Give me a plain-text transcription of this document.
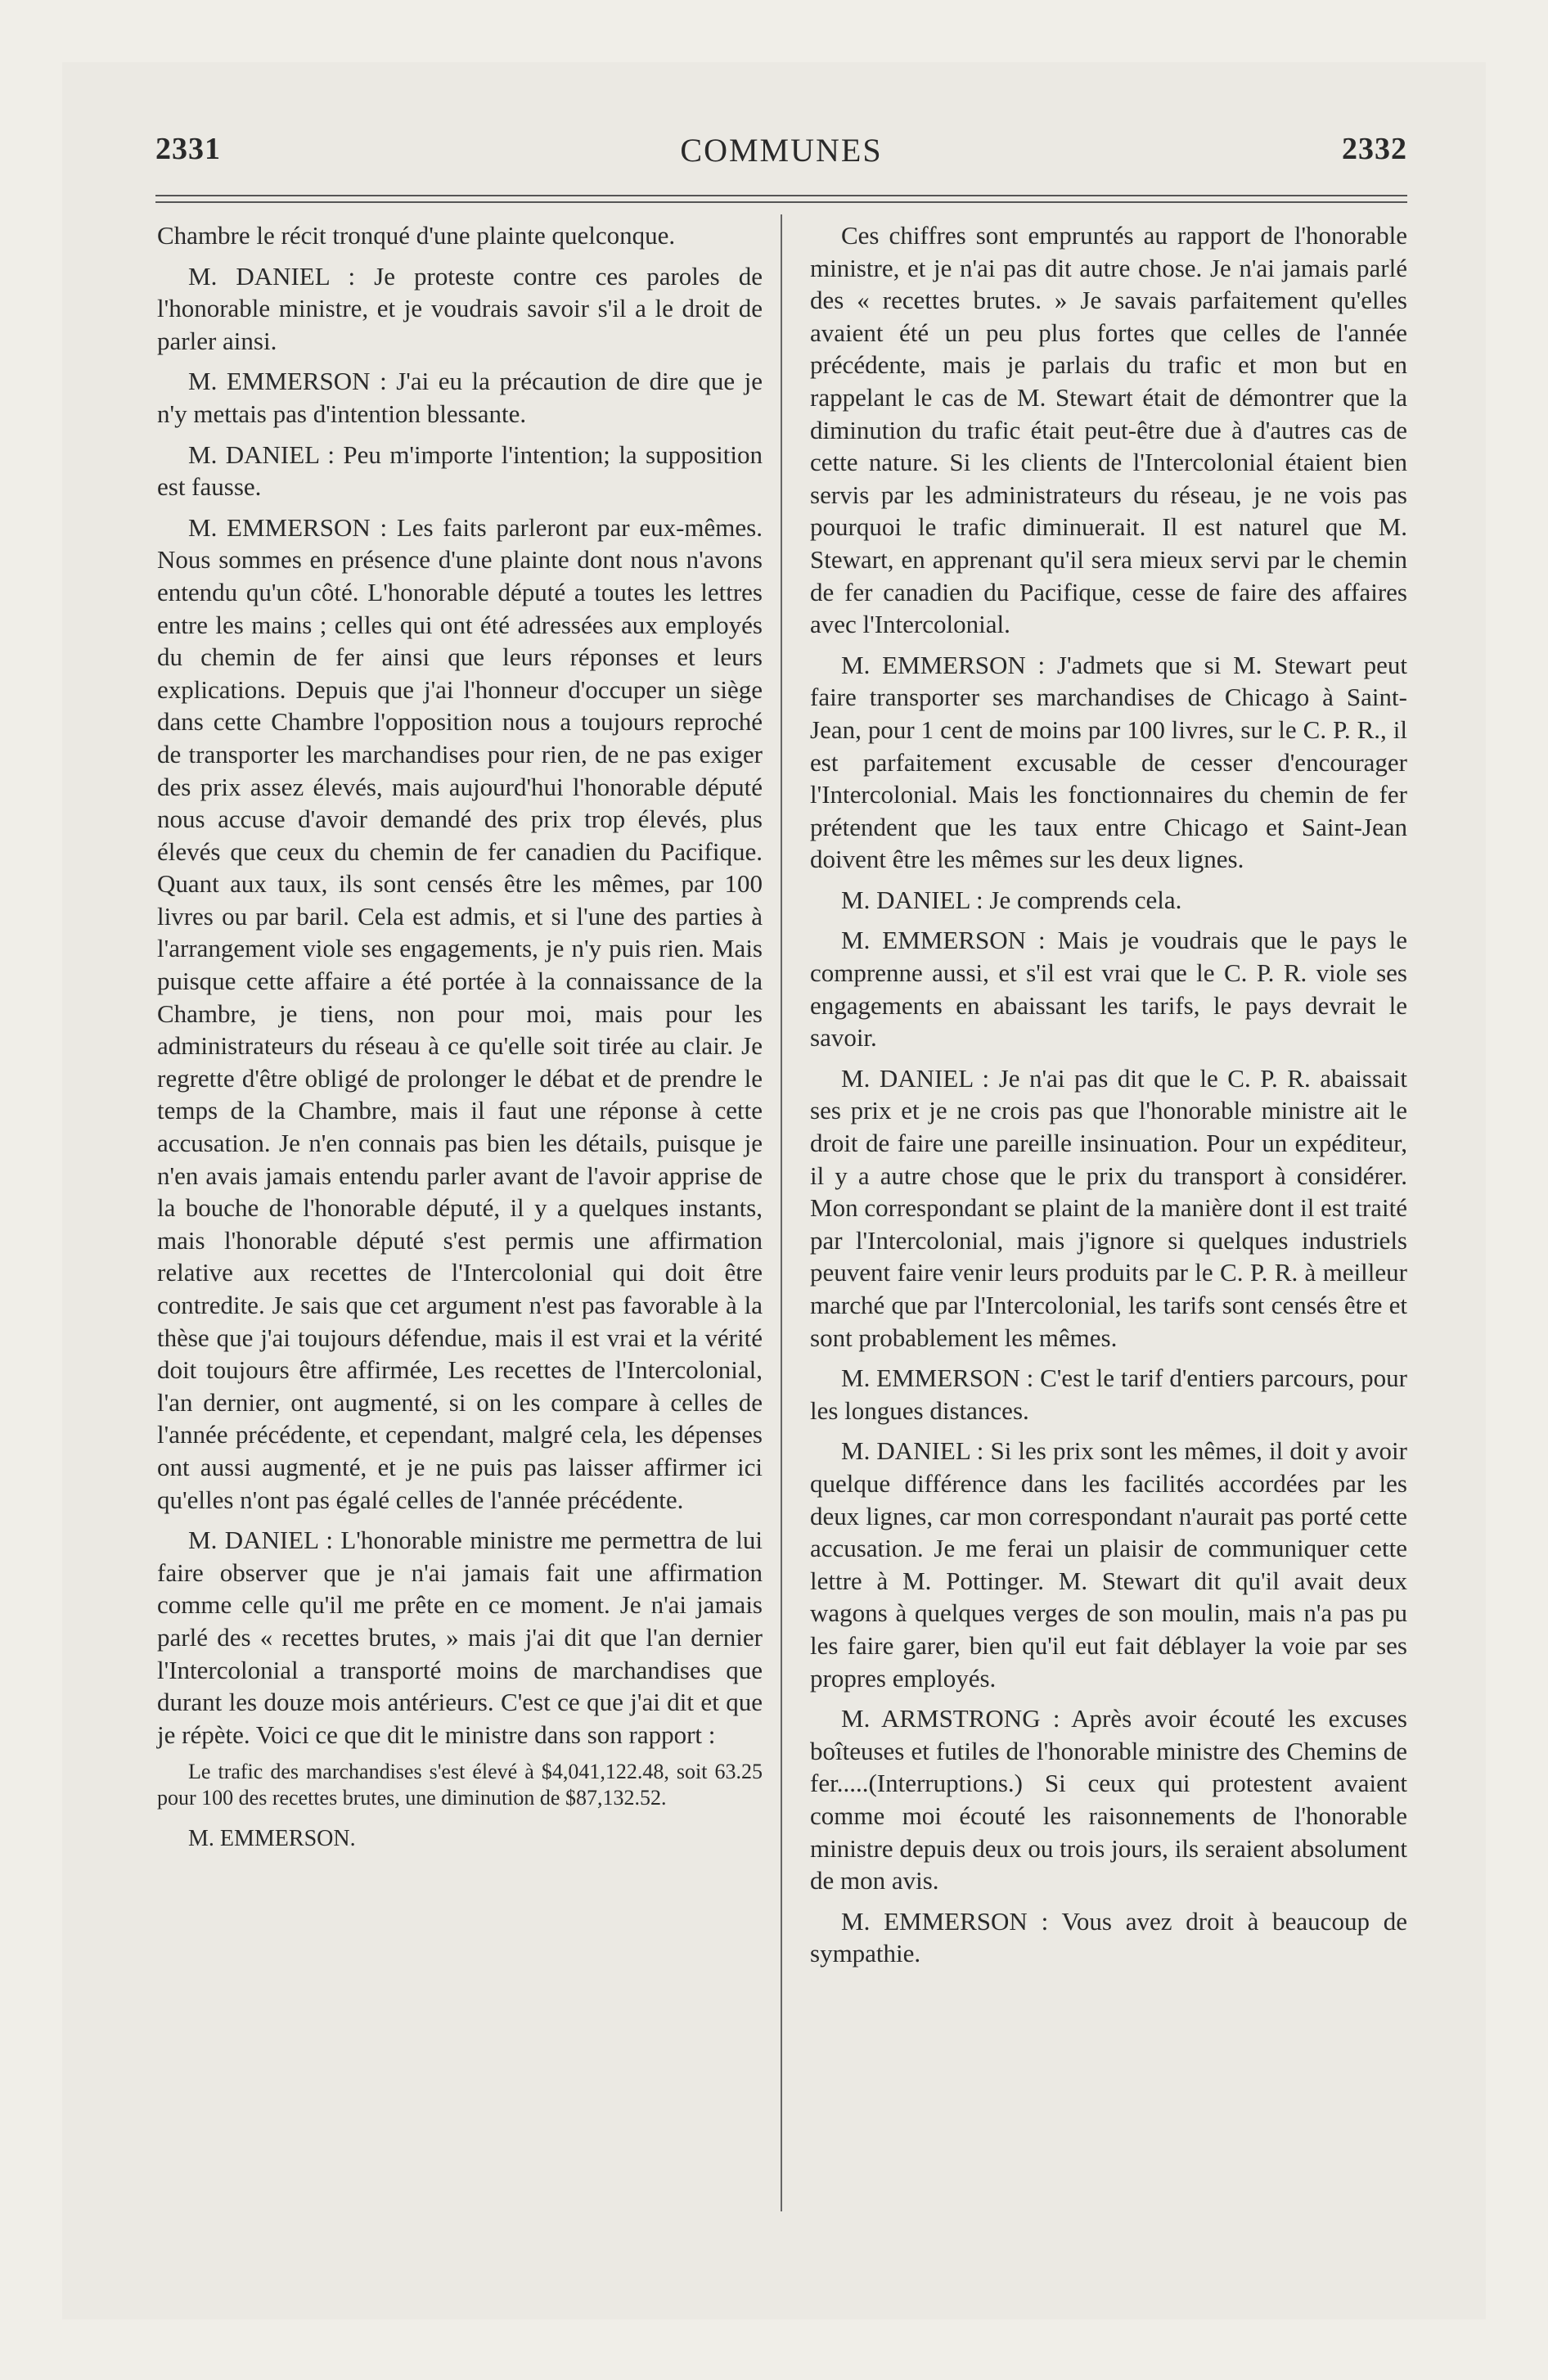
2331	COMMUNES	2332

Chambre le récit tronqué d'une plainte quelconque.

M. DANIEL : Je proteste contre ces paroles de l'honorable ministre, et je voudrais savoir s'il a le droit de parler ainsi.

M. EMMERSON : J'ai eu la précaution de dire que je n'y mettais pas d'intention blessante.

M. DANIEL : Peu m'importe l'intention; la supposition est fausse.

M. EMMERSON : Les faits parleront par eux-mêmes. Nous sommes en présence d'une plainte dont nous n'avons entendu qu'un côté. L'honorable député a toutes les lettres entre les mains ; celles qui ont été adressées aux employés du chemin de fer ainsi que leurs réponses et leurs explications. Depuis que j'ai l'honneur d'occuper un siège dans cette Chambre l'opposition nous a toujours reproché de transporter les marchandises pour rien, de ne pas exiger des prix assez élevés, mais aujourd'hui l'honorable député nous accuse d'avoir demandé des prix trop élevés, plus élevés que ceux du chemin de fer canadien du Pacifique. Quant aux taux, ils sont censés être les mêmes, par 100 livres ou par baril. Cela est admis, et si l'une des parties à l'arrangement viole ses engagements, je n'y puis rien. Mais puisque cette affaire a été portée à la connaissance de la Chambre, je tiens, non pour moi, mais pour les administrateurs du réseau à ce qu'elle soit tirée au clair. Je regrette d'être obligé de prolonger le débat et de prendre le temps de la Chambre, mais il faut une réponse à cette accusation. Je n'en connais pas bien les détails, puisque je n'en avais jamais entendu parler avant de l'avoir apprise de la bouche de l'honorable député, il y a quelques instants, mais l'honorable député s'est permis une affirmation relative aux recettes de l'Intercolonial qui doit être contredite. Je sais que cet argument n'est pas favorable à la thèse que j'ai toujours défendue, mais il est vrai et la vérité doit toujours être affirmée, Les recettes de l'Intercolonial, l'an dernier, ont augmenté, si on les compare à celles de l'année précédente, et cependant, malgré cela, les dépenses ont aussi augmenté, et je ne puis pas laisser affirmer ici qu'elles n'ont pas égalé celles de l'année précédente.

M. DANIEL : L'honorable ministre me permettra de lui faire observer que je n'ai jamais fait une affirmation comme celle qu'il me prête en ce moment. Je n'ai jamais parlé des « recettes brutes, » mais j'ai dit que l'an dernier l'Intercolonial a transporté moins de marchandises que durant les douze mois antérieurs. C'est ce que j'ai dit et que je répète. Voici ce que dit le ministre dans son rapport :

Le trafic des marchandises s'est élevé à $4,041,122.48, soit 63.25 pour 100 des recettes brutes, une diminution de $87,132.52.

M. EMMERSON.

Ces chiffres sont empruntés au rapport de l'honorable ministre, et je n'ai pas dit autre chose. Je n'ai jamais parlé des « recettes brutes. » Je savais parfaitement qu'elles avaient été un peu plus fortes que celles de l'année précédente, mais je parlais du trafic et mon but en rappelant le cas de M. Stewart était de démontrer que la diminution du trafic était peut-être due à d'autres cas de cette nature. Si les clients de l'Intercolonial étaient bien servis par les administrateurs du réseau, je ne vois pas pourquoi le trafic diminuerait. Il est naturel que M. Stewart, en apprenant qu'il sera mieux servi par le chemin de fer canadien du Pacifique, cesse de faire des affaires avec l'Intercolonial.

M. EMMERSON : J'admets que si M. Stewart peut faire transporter ses marchandises de Chicago à Saint-Jean, pour 1 cent de moins par 100 livres, sur le C. P. R., il est parfaitement excusable de cesser d'encourager l'Intercolonial. Mais les fonctionnaires du chemin de fer prétendent que les taux entre Chicago et Saint-Jean doivent être les mêmes sur les deux lignes.

M. DANIEL : Je comprends cela.

M. EMMERSON : Mais je voudrais que le pays le comprenne aussi, et s'il est vrai que le C. P. R. viole ses engagements en abaissant les tarifs, le pays devrait le savoir.

M. DANIEL : Je n'ai pas dit que le C. P. R. abaissait ses prix et je ne crois pas que l'honorable ministre ait le droit de faire une pareille insinuation. Pour un expéditeur, il y a autre chose que le prix du transport à considérer. Mon correspondant se plaint de la manière dont il est traité par l'Intercolonial, mais j'ignore si quelques industriels peuvent faire venir leurs produits par le C. P. R. à meilleur marché que par l'Intercolonial, les tarifs sont censés être et sont probablement les mêmes.

M. EMMERSON : C'est le tarif d'entiers parcours, pour les longues distances.

M. DANIEL : Si les prix sont les mêmes, il doit y avoir quelque différence dans les facilités accordées par les deux lignes, car mon correspondant n'aurait pas porté cette accusation. Je me ferai un plaisir de communiquer cette lettre à M. Pottinger. M. Stewart dit qu'il avait deux wagons à quelques verges de son moulin, mais n'a pas pu les faire garer, bien qu'il eut fait déblayer la voie par ses propres employés.

M. ARMSTRONG : Après avoir écouté les excuses boîteuses et futiles de l'honorable ministre des Chemins de fer.....(Interruptions.) Si ceux qui protestent avaient comme moi écouté les raisonnements de l'honorable ministre depuis deux ou trois jours, ils seraient absolument de mon avis.

M. EMMERSON : Vous avez droit à beaucoup de sympathie.
